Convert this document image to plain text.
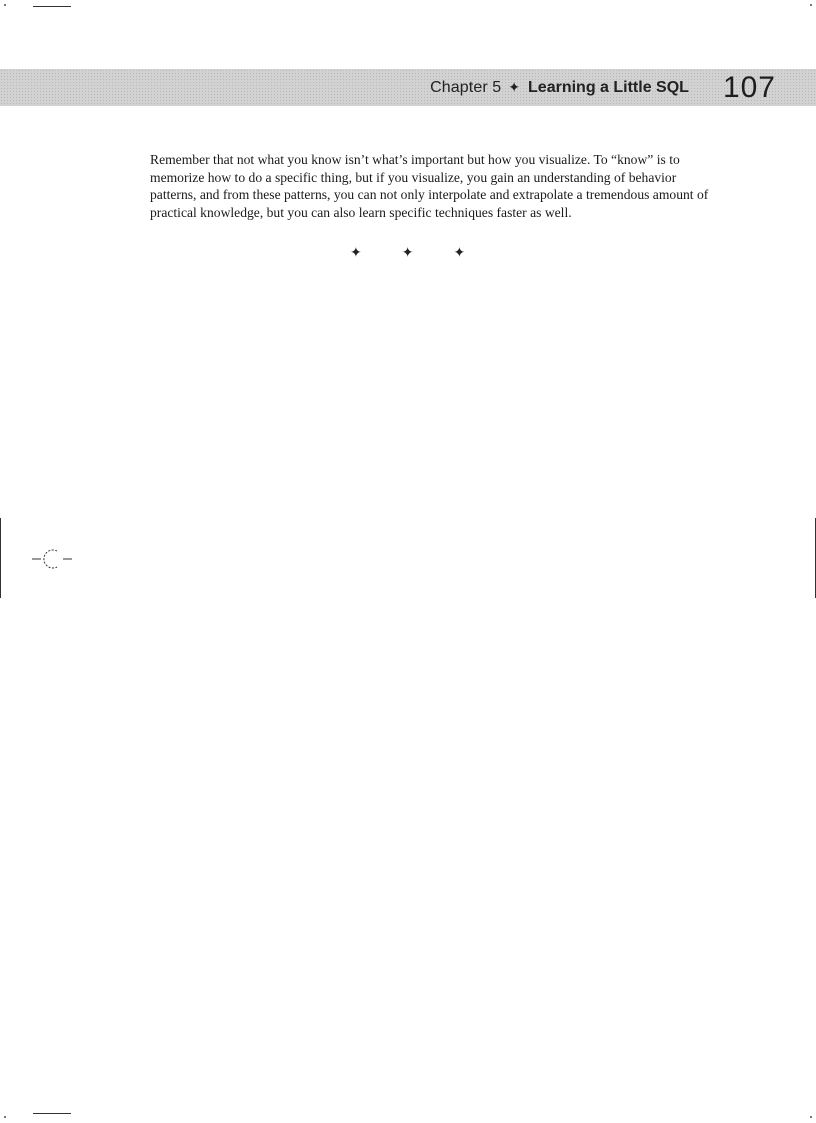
Chapter 5 ✦ Learning a Little SQL 107

Remember that not what you know isn’t what’s important but how you visualize. To “know” is to memorize how to do a specific thing, but if you visualize, you gain an understanding of behavior patterns, and from these patterns, you can not only interpolate and extrapolate a tremendous amount of practical knowledge, but you can also learn specific techniques faster as well.

✦	✦	✦
